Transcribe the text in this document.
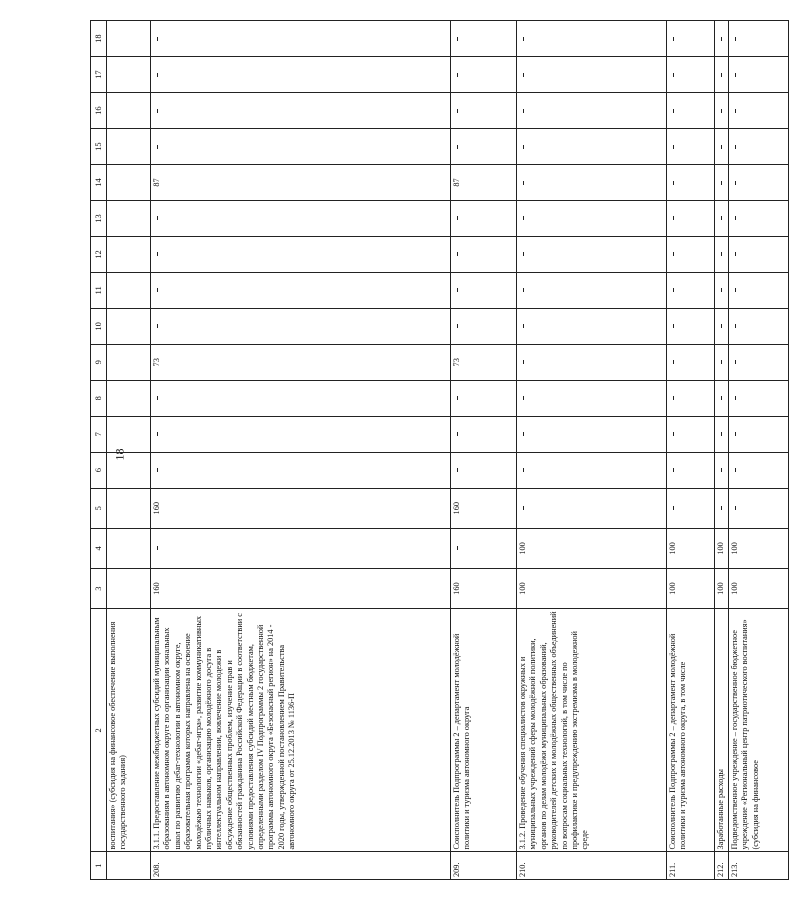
18
1	2	3	4	5	6	7	8	9	10	11	12	13	14	15	16	17	18
	воспитания» (субсидия на финансовое обеспечение выполнения государственного задания)																
208.	3.1.1. Предоставление межбюджетных субсидий муниципальным образованиям в автономном округе по организации зональных школ по развитию дебат-технологии в автономном округе, образовательная программа которых направлена на освоение молодёжью технологии «дебат-игра», развитие коммуникативных публичных навыков, организацию молодёжного досуга в интеллектуальном направлении, вовлечение молодежи в обсуждение общественных проблем, изучение прав и обязанностей гражданина Российской Федерации в соответствии с условиями предоставления субсидий местным бюджетам, определенными разделом IV Подпрограммы 2 государственной программы автономного округа «Безопасный регион» на 2014 - 2020 годы, утвержденной постановлением Правительства автономного округа от 25.12.2013 № 1136-П	160		160				73					87				
209.	Соисполнитель Подпрограммы 2 – департамент молодёжной политики и туризма автономного округа	160		160				73					87				
210.	3.1.2. Проведение обучения специалистов окружных и муниципальных учреждений сферы молодёжной политики, органов по делам молодёжи муниципальных образований, руководителей детских и молодёжных общественных объединений по вопросам социальных технологий, в том числе по профилактике и предупреждению экстремизма в молодежной среде	100	100														
211.	Соисполнитель Подпрограммы 2 – департамент молодёжной политики и туризма автономного округа, в том числе	100	100														
212.	Заработанные расходы	100	100														
213.	Подведомственное учреждение – государственное бюджетное учреждение «Региональный центр патриотического воспитания» (субсидия на финансовое	100	100														
